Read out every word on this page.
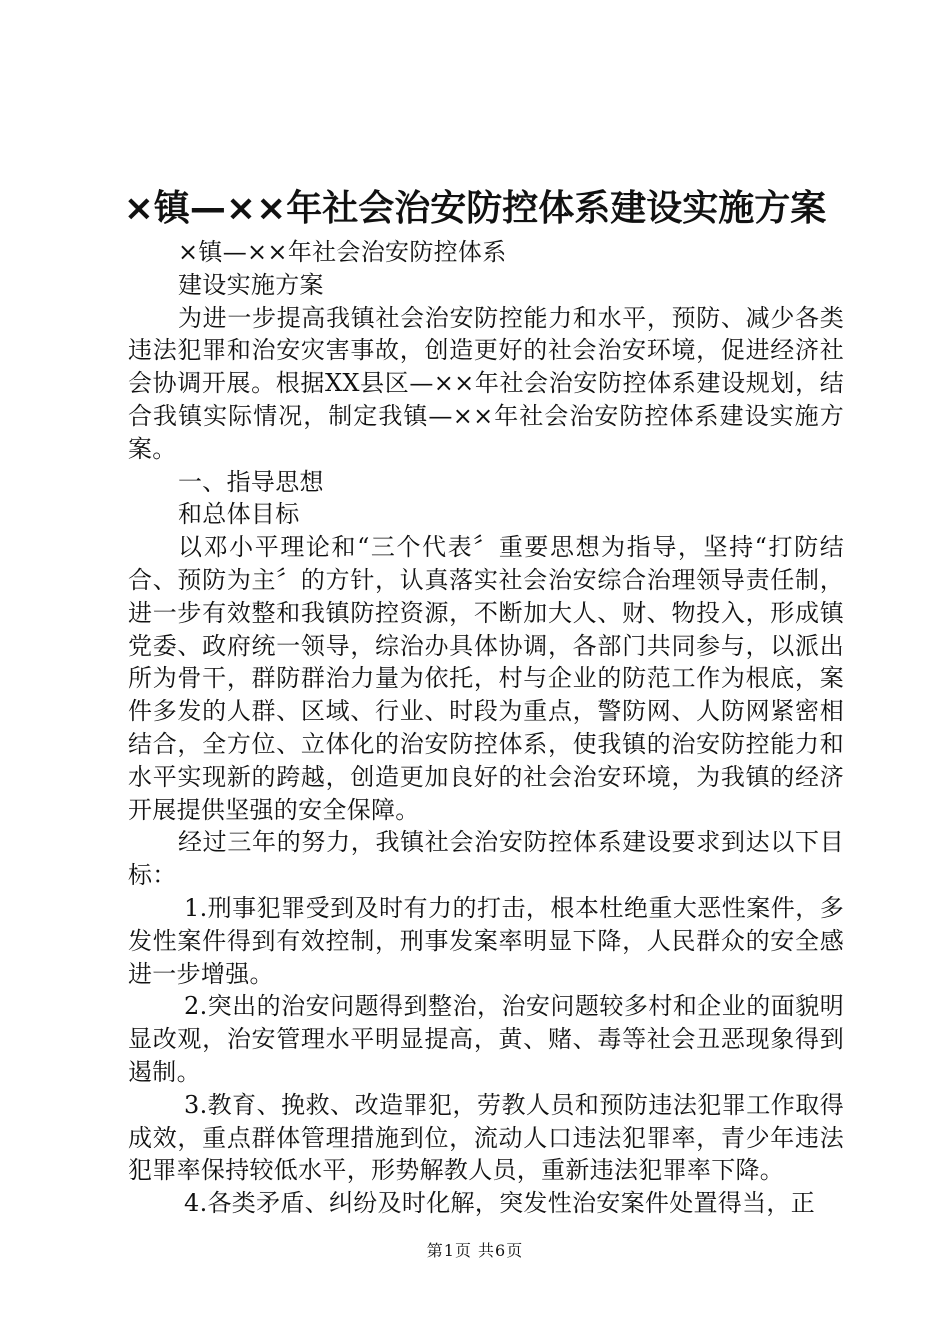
×镇—××年社会治安防控体系建设实施方案

×镇—××年社会治安防控体系

建设实施方案

为进一步提高我镇社会治安防控能力和水平，预防、减少各类违法犯罪和治安灾害事故，创造更好的社会治安环境，促进经济社会协调开展。根据XX县区—××年社会治安防控体系建设规划，结合我镇实际情况，制定我镇—××年社会治安防控体系建设实施方案。

一、指导思想

和总体目标

以邓小平理论和“三个代表〞重要思想为指导，坚持“打防结合、预防为主〞的方针，认真落实社会治安综合治理领导责任制，进一步有效整和我镇防控资源，不断加大人、财、物投入，形成镇党委、政府统一领导，综治办具体协调，各部门共同参与，以派出所为骨干，群防群治力量为依托，村与企业的防范工作为根底，案件多发的人群、区域、行业、时段为重点，警防网、人防网紧密相结合，全方位、立体化的治安防控体系，使我镇的治安防控能力和水平实现新的跨越，创造更加良好的社会治安环境，为我镇的经济开展提供坚强的安全保障。

经过三年的努力，我镇社会治安防控体系建设要求到达以下目标：

1.刑事犯罪受到及时有力的打击，根本杜绝重大恶性案件，多发性案件得到有效控制，刑事发案率明显下降，人民群众的安全感进一步增强。

2.突出的治安问题得到整治，治安问题较多村和企业的面貌明显改观，治安管理水平明显提高，黄、赌、毒等社会丑恶现象得到遏制。

3.教育、挽救、改造罪犯，劳教人员和预防违法犯罪工作取得成效，重点群体管理措施到位，流动人口违法犯罪率，青少年违法犯罪率保持较低水平，形势解教人员，重新违法犯罪率下降。

4.各类矛盾、纠纷及时化解，突发性治安案件处置得当，正

第1页 共6页
